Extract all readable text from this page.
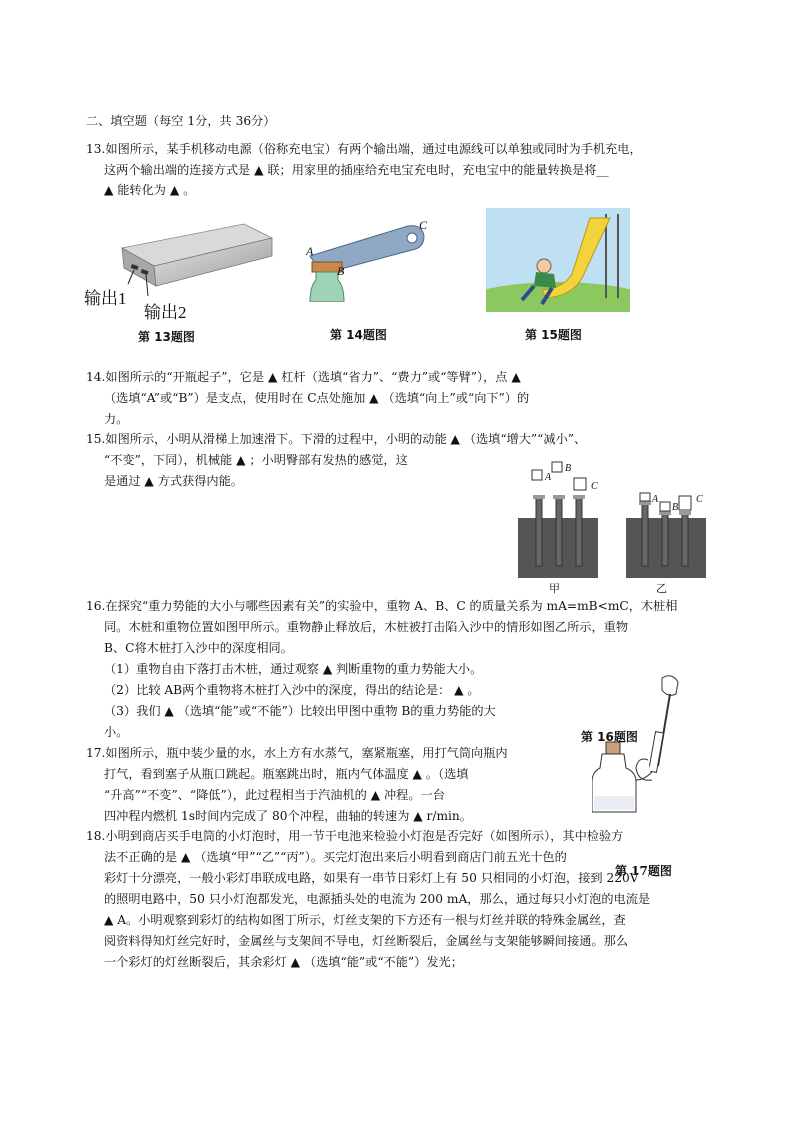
二、填空题（每空 1分，共 36分）
13.如图所示，某手机移动电源（俗称充电宝）有两个输出端，通过电源线可以单独或同时为手机充电，
这两个输出端的连接方式是 ▲ 联；用家里的插座给充电宝充电时，充电宝中的能量转换是将__
▲ 能转化为 ▲ 。
输出1
输出2
第 13题图
A
B
C
第 14题图	第 15题图
14.如图所示的“开瓶起子”，它是 ▲ 杠杆（选填“省力”、“费力”或“等臂”），点 ▲
（选填“A”或“B”）是支点，使用时在 C点处施加 ▲ （选填“向上”或“向下”）的
力。
15.如图所示，小明从滑梯上加速滑下。下滑的过程中，小明的动能 ▲ （选填“增大”“减小”、
“不变”，下同），机械能 ▲ ；小明臀部有发热的感觉，这
是通过 ▲ 方式获得内能。	A
B
C
A
B
C
甲	乙
16.在探究“重力势能的大小与哪些因素有关”的实验中，重物 A、B、C 的质量关系为 mA=mB<mC，木桩相
同。木桩和重物位置如图甲所示。重物静止释放后，木桩被打击陷入沙中的情形如图乙所示，重物
B、C将木桩打入沙中的深度相同。
（1）重物自由下落打击木桩，通过观察 ▲ 判断重物的重力势能大小。
（2）比较 AB两个重物将木桩打入沙中的深度，得出的结论是： ▲ 。
（3）我们 ▲ （选填“能”或“不能”）比较出甲图中重物 B的重力势能的大
小。	第 16题图
17.如图所示，瓶中装少量的水，水上方有水蒸气，塞紧瓶塞，用打气筒向瓶内
打气，看到塞子从瓶口跳起。瓶塞跳出时，瓶内气体温度 ▲ 。（选填
“升高”“不变”、“降低”），此过程相当于汽油机的 ▲ 冲程。一台
四冲程内燃机 1s时间内完成了 80个冲程，曲轴的转速为 ▲ r/min。
18.小明到商店买手电筒的小灯泡时，用一节干电池来检验小灯泡是否完好（如图所示），其中检验方
法不正确的是 ▲ （选填“甲”“乙”“丙”）。买完灯泡出来后小明看到商店门前五光十色的
彩灯十分漂亮，一般小彩灯串联成电路，如果有一串节日彩灯上有 50 只相同的小灯泡，接到 220V
第 17题图
的照明电路中，50 只小灯泡都发光，电源插头处的电流为 200 mA，那么，通过每只小灯泡的电流是
▲ A。小明观察到彩灯的结构如图丁所示，灯丝支架的下方还有一根与灯丝并联的特殊金属丝，查
阅资料得知灯丝完好时，金属丝与支架间不导电，灯丝断裂后，金属丝与支架能够瞬间接通。那么
一个彩灯的灯丝断裂后，其余彩灯 ▲ （选填“能”或“不能”）发光；
